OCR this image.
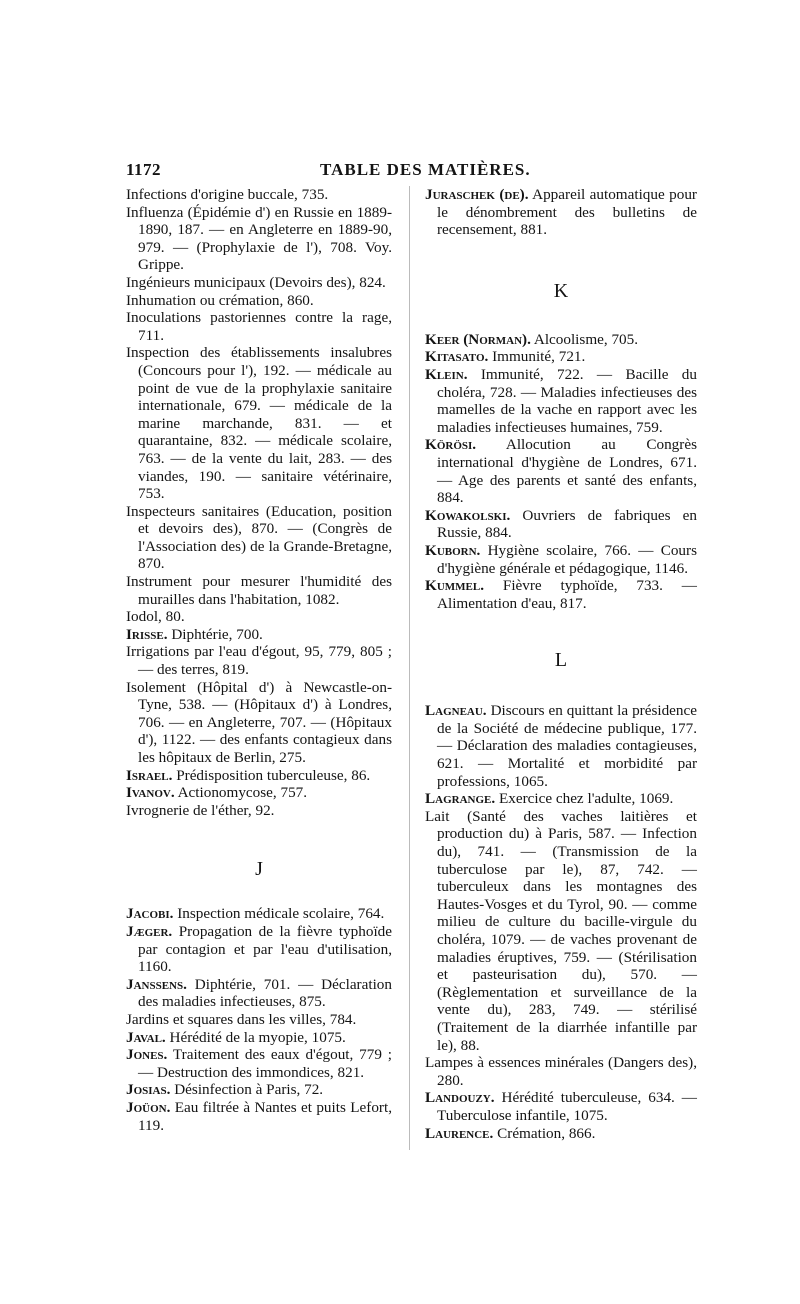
1172	TABLE DES MATIÈRES.

Infections d'origine buccale, 735.

Influenza (Épidémie d') en Russie en 1889-1890, 187. — en Angleterre en 1889-90, 979. — (Prophylaxie de l'), 708. Voy. Grippe.

Ingénieurs municipaux (Devoirs des), 824.

Inhumation ou crémation, 860.

Inoculations pastoriennes contre la rage, 711.

Inspection des établissements insalubres (Concours pour l'), 192. — médicale au point de vue de la prophylaxie sanitaire internationale, 679. — médicale de la marine marchande, 831. — et quarantaine, 832. — médicale scolaire, 763. — de la vente du lait, 283. — des viandes, 190. — sanitaire vétérinaire, 753.

Inspecteurs sanitaires (Education, position et devoirs des), 870. — (Congrès de l'Association des) de la Grande-Bretagne, 870.

Instrument pour mesurer l'humidité des murailles dans l'habitation, 1082.

Iodol, 80.

Irisse. Diphtérie, 700.

Irrigations par l'eau d'égout, 95, 779, 805 ; — des terres, 819.

Isolement (Hôpital d') à Newcastle-on-Tyne, 538. — (Hôpitaux d') à Londres, 706. — en Angleterre, 707. — (Hôpitaux d'), 1122. — des enfants contagieux dans les hôpitaux de Berlin, 275.

Israel. Prédisposition tuberculeuse, 86.

Ivanov. Actionomycose, 757.

Ivrognerie de l'éther, 92.

J

Jacobi. Inspection médicale scolaire, 764.

Jæger. Propagation de la fièvre typhoïde par contagion et par l'eau d'utilisation, 1160.

Janssens. Diphtérie, 701. — Déclaration des maladies infectieuses, 875.

Jardins et squares dans les villes, 784.

Javal. Hérédité de la myopie, 1075.

Jones. Traitement des eaux d'égout, 779 ; — Destruction des immondices, 821.

Josias. Désinfection à Paris, 72.

Joüon. Eau filtrée à Nantes et puits Lefort, 119.

Juraschek (de). Appareil automatique pour le dénombrement des bulletins de recensement, 881.

K

Keer (Norman). Alcoolisme, 705.

Kitasato. Immunité, 721.

Klein. Immunité, 722. — Bacille du choléra, 728. — Maladies infectieuses des mamelles de la vache en rapport avec les maladies infectieuses humaines, 759.

Körösi. Allocution au Congrès international d'hygiène de Londres, 671. — Age des parents et santé des enfants, 884.

Kowakolski. Ouvriers de fabriques en Russie, 884.

Kuborn. Hygiène scolaire, 766. — Cours d'hygiène générale et pédagogique, 1146.

Kummel. Fièvre typhoïde, 733. — Alimentation d'eau, 817.

L

Lagneau. Discours en quittant la présidence de la Société de médecine publique, 177. — Déclaration des maladies contagieuses, 621. — Mortalité et morbidité par professions, 1065.

Lagrange. Exercice chez l'adulte, 1069.

Lait (Santé des vaches laitières et production du) à Paris, 587. — Infection du), 741. — (Transmission de la tuberculose par le), 87, 742. — tuberculeux dans les montagnes des Hautes-Vosges et du Tyrol, 90. — comme milieu de culture du bacille-virgule du choléra, 1079. — de vaches provenant de maladies éruptives, 759. — (Stérilisation et pasteurisation du), 570. — (Règlementation et surveillance de la vente du), 283, 749. — stérilisé (Traitement de la diarrhée infantille par le), 88.

Lampes à essences minérales (Dangers des), 280.

Landouzy. Hérédité tuberculeuse, 634. — Tuberculose infantile, 1075.

Laurence. Crémation, 866.
